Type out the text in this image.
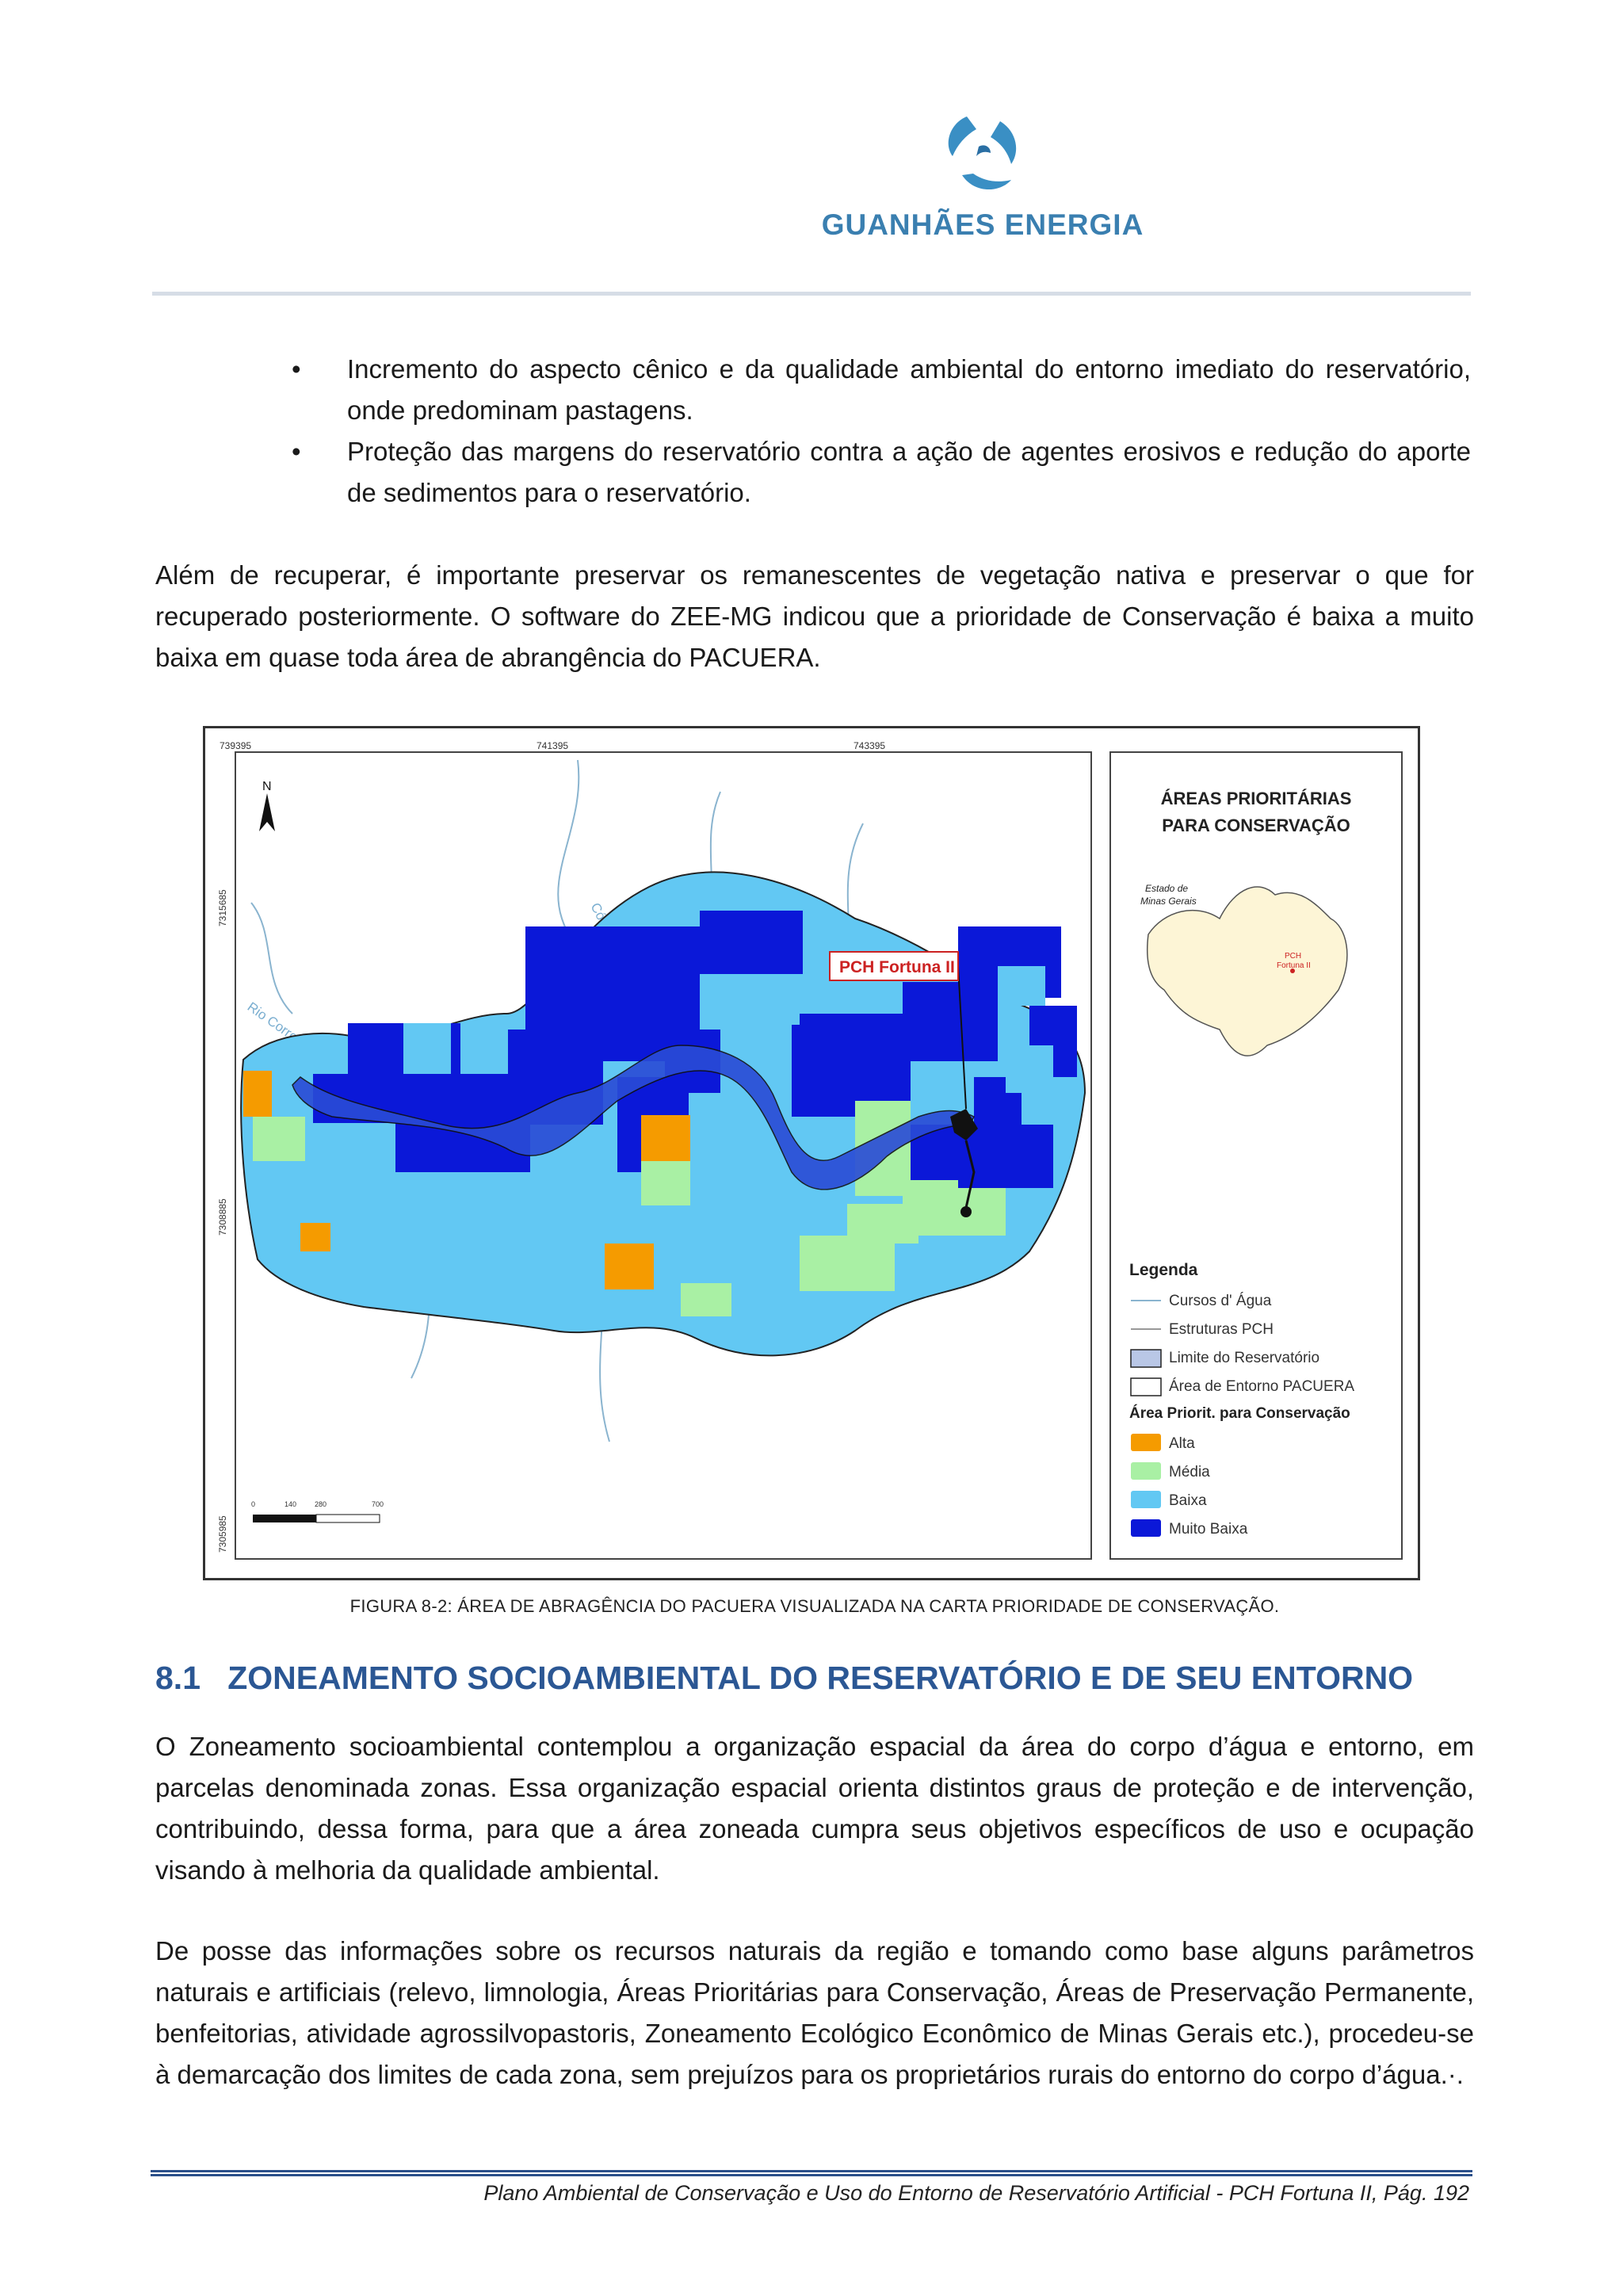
GUANHÃES ENERGIA
• Incremento do aspecto cênico e da qualidade ambiental do entorno imediato do reservatório, onde predominam pastagens.
• Proteção das margens do reservatório contra a ação de agentes erosivos e redução do aporte de sedimentos para o reservatório.
Além de recuperar, é importante preservar os remanescentes de vegetação nativa e preservar o que for recuperado posteriormente. O software do ZEE-MG indicou que a prioridade de Conservação é baixa a muito baixa em quase toda área de abrangência do PACUERA.
739395	741395	743395
7315685
7308885
7305985
N
PCH Fortuna II
0	140	280	700
ÁREAS PRIORITÁRIAS
PARA CONSERVAÇÃO
Estado de
Minas Gerais
PCH
Fortuna II
Legenda
Cursos d' Água
Estruturas PCH
Limite do Reservatório
Área de Entorno PACUERA
Área Priorit. para Conservação
Alta
Média
Baixa
Muito Baixa
FIGURA 8-2: ÁREA DE ABRAGÊNCIA DO PACUERA VISUALIZADA NA CARTA PRIORIDADE DE CONSERVAÇÃO.
8.1 ZONEAMENTO SOCIOAMBIENTAL DO RESERVATÓRIO E DE SEU ENTORNO
O Zoneamento socioambiental contemplou a organização espacial da área do corpo d’água e entorno, em parcelas denominada zonas. Essa organização espacial orienta distintos graus de proteção e de intervenção, contribuindo, dessa forma, para que a área zoneada cumpra seus objetivos específicos de uso e ocupação visando à melhoria da qualidade ambiental.
De posse das informações sobre os recursos naturais da região e tomando como base alguns parâmetros naturais e artificiais (relevo, limnologia, Áreas Prioritárias para Conservação, Áreas de Preservação Permanente, benfeitorias, atividade agrossilvopastoris, Zoneamento Ecológico Econômico de Minas Gerais etc.), procedeu-se à demarcação dos limites de cada zona, sem prejuízos para os proprietários rurais do entorno do corpo d’água.·.
Plano Ambiental de Conservação e Uso do Entorno de Reservatório Artificial - PCH Fortuna II, Pág. 192
